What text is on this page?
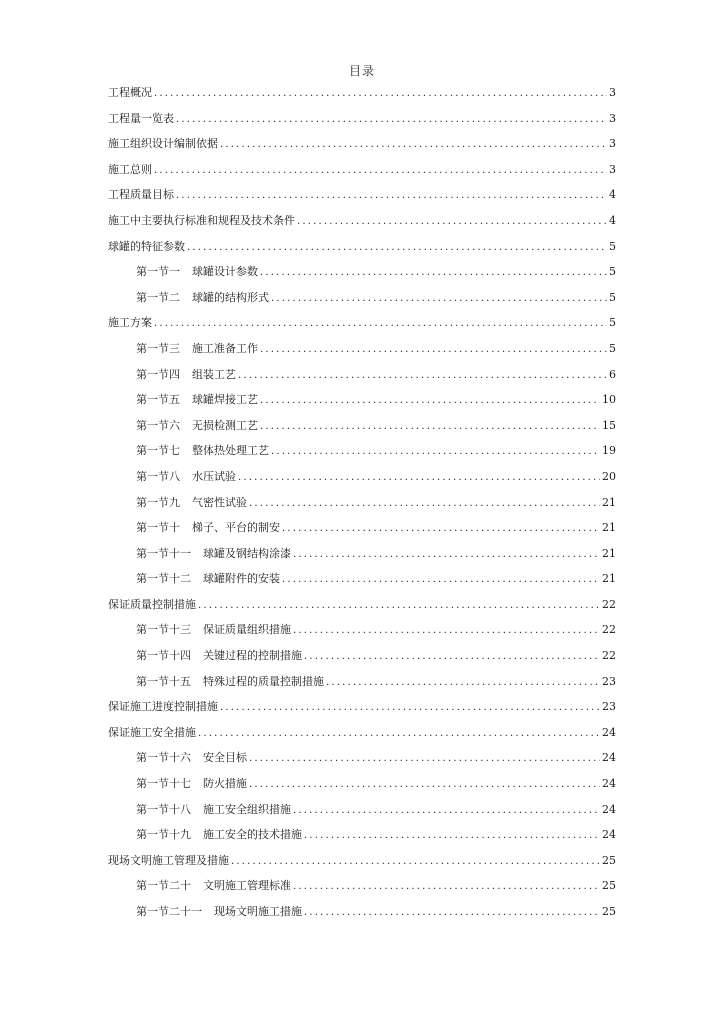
目录
工程概况 .....	3
工程量一览表 .....	3
施工组织设计编制依据 .....	3
施工总则 .....	3
工程质量目标 .....	4
施工中主要执行标准和规程及技术条件 .....	4
球罐的特征参数 .....	5
第一节一 球罐设计参数 .....	5
第一节二 球罐的结构形式 .....	5
施工方案 .....	5
第一节三 施工准备工作 .....	5
第一节四 组装工艺 .....	6
第一节五 球罐焊接工艺 .....	10
第一节六 无损检测工艺 .....	15
第一节七 整体热处理工艺 .....	19
第一节八 水压试验 .....	20
第一节九 气密性试验 .....	21
第一节十 梯子、平台的制安 .....	21
第一节十一 球罐及钢结构涂漆 .....	21
第一节十二 球罐附件的安装 .....	21
保证质量控制措施 .....	22
第一节十三 保证质量组织措施 .....	22
第一节十四 关键过程的控制措施 .....	22
第一节十五 特殊过程的质量控制措施 .....	23
保证施工进度控制措施 .....	23
保证施工安全措施 .....	24
第一节十六 安全目标 .....	24
第一节十七 防火措施 .....	24
第一节十八 施工安全组织措施 .....	24
第一节十九 施工安全的技术措施 .....	24
现场文明施工管理及措施 .....	25
第一节二十 文明施工管理标准 .....	25
第一节二十一 现场文明施工措施 .....	25
